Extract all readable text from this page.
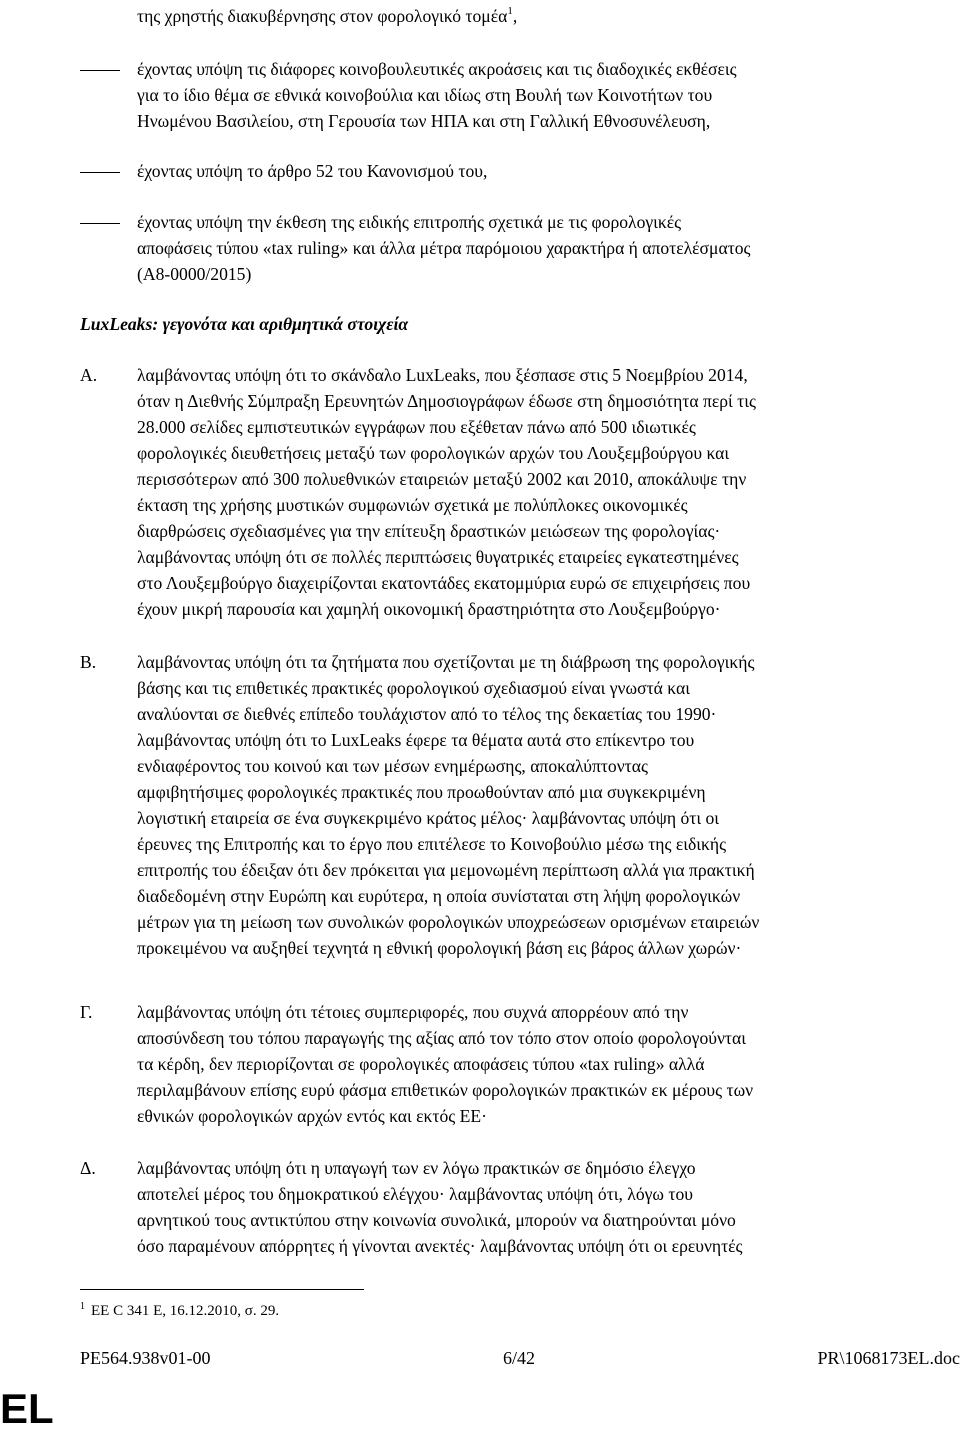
της χρηστής διακυβέρνησης στον φορολογικό τομέα$^1$,
έχοντας υπόψη τις διάφορες κοινοβουλευτικές ακροάσεις και τις διαδοχικές εκθέσεις
για το ίδιο θέμα σε εθνικά κοινοβούλια και ιδίως στη Βουλή των Κοινοτήτων του
Ηνωμένου Βασιλείου, στη Γερουσία των ΗΠΑ και στη Γαλλική Εθνοσυνέλευση,
έχοντας υπόψη το άρθρο 52 του Κανονισμού του,
έχοντας υπόψη την έκθεση της ειδικής επιτροπής σχετικά με τις φορολογικές
αποφάσεις τύπου «tax ruling» και άλλα μέτρα παρόμοιου χαρακτήρα ή αποτελέσματος
(A8-0000/2015)
LuxLeaks: γεγονότα και αριθμητικά στοιχεία
Α. λαμβάνοντας υπόψη ότι το σκάνδαλο LuxLeaks, που ξέσπασε στις 5 Νοεμβρίου 2014,
όταν η Διεθνής Σύμπραξη Ερευνητών Δημοσιογράφων έδωσε στη δημοσιότητα περί τις
28.000 σελίδες εμπιστευτικών εγγράφων που εξέθεταν πάνω από 500 ιδιωτικές
φορολογικές διευθετήσεις μεταξύ των φορολογικών αρχών του Λουξεμβούργου και
περισσότερων από 300 πολυεθνικών εταιρειών μεταξύ 2002 και 2010, αποκάλυψε την
έκταση της χρήσης μυστικών συμφωνιών σχετικά με πολύπλοκες οικονομικές
διαρθρώσεις σχεδιασμένες για την επίτευξη δραστικών μειώσεων της φορολογίας·
λαμβάνοντας υπόψη ότι σε πολλές περιπτώσεις θυγατρικές εταιρείες εγκατεστημένες
στο Λουξεμβούργο διαχειρίζονται εκατοντάδες εκατομμύρια ευρώ σε επιχειρήσεις που
έχουν μικρή παρουσία και χαμηλή οικονομική δραστηριότητα στο Λουξεμβούργο·
Β. λαμβάνοντας υπόψη ότι τα ζητήματα που σχετίζονται με τη διάβρωση της φορολογικής
βάσης και τις επιθετικές πρακτικές φορολογικού σχεδιασμού είναι γνωστά και
αναλύονται σε διεθνές επίπεδο τουλάχιστον από το τέλος της δεκαετίας του 1990·
λαμβάνοντας υπόψη ότι το LuxLeaks έφερε τα θέματα αυτά στο επίκεντρο του
ενδιαφέροντος του κοινού και των μέσων ενημέρωσης, αποκαλύπτοντας
αμφιβητήσιμες φορολογικές πρακτικές που προωθούνταν από μια συγκεκριμένη
λογιστική εταιρεία σε ένα συγκεκριμένο κράτος μέλος· λαμβάνοντας υπόψη ότι οι
έρευνες της Επιτροπής και το έργο που επιτέλεσε το Κοινοβούλιο μέσω της ειδικής
επιτροπής του έδειξαν ότι δεν πρόκειται για μεμονωμένη περίπτωση αλλά για πρακτική
διαδεδομένη στην Ευρώπη και ευρύτερα, η οποία συνίσταται στη λήψη φορολογικών
μέτρων για τη μείωση των συνολικών φορολογικών υποχρεώσεων ορισμένων εταιρειών
προκειμένου να αυξηθεί τεχνητά η εθνική φορολογική βάση εις βάρος άλλων χωρών·
Γ.	λαμβάνοντας υπόψη ότι τέτοιες συμπεριφορές, που συχνά απορρέουν από την
αποσύνδεση του τόπου παραγωγής της αξίας από τον τόπο στον οποίο φορολογούνται
τα κέρδη, δεν περιορίζονται σε φορολογικές αποφάσεις τύπου «tax ruling» αλλά
περιλαμβάνουν επίσης ευρύ φάσμα επιθετικών φορολογικών πρακτικών εκ μέρους των
εθνικών φορολογικών αρχών εντός και εκτός ΕΕ·
Δ. λαμβάνοντας υπόψη ότι η υπαγωγή των εν λόγω πρακτικών σε δημόσιο έλεγχο
αποτελεί μέρος του δημοκρατικού ελέγχου· λαμβάνοντας υπόψη ότι, λόγω του
αρνητικού τους αντικτύπου στην κοινωνία συνολικά, μπορούν να διατηρούνται μόνο
όσο παραμένουν απόρρητες ή γίνονται ανεκτές· λαμβάνοντας υπόψη ότι οι ερευνητές
$^1$ ΕΕ C 341 Ε, 16.12.2010, σ. 29.
PE564.938v01-00	6/42	PR\1068173EL.doc
EL
